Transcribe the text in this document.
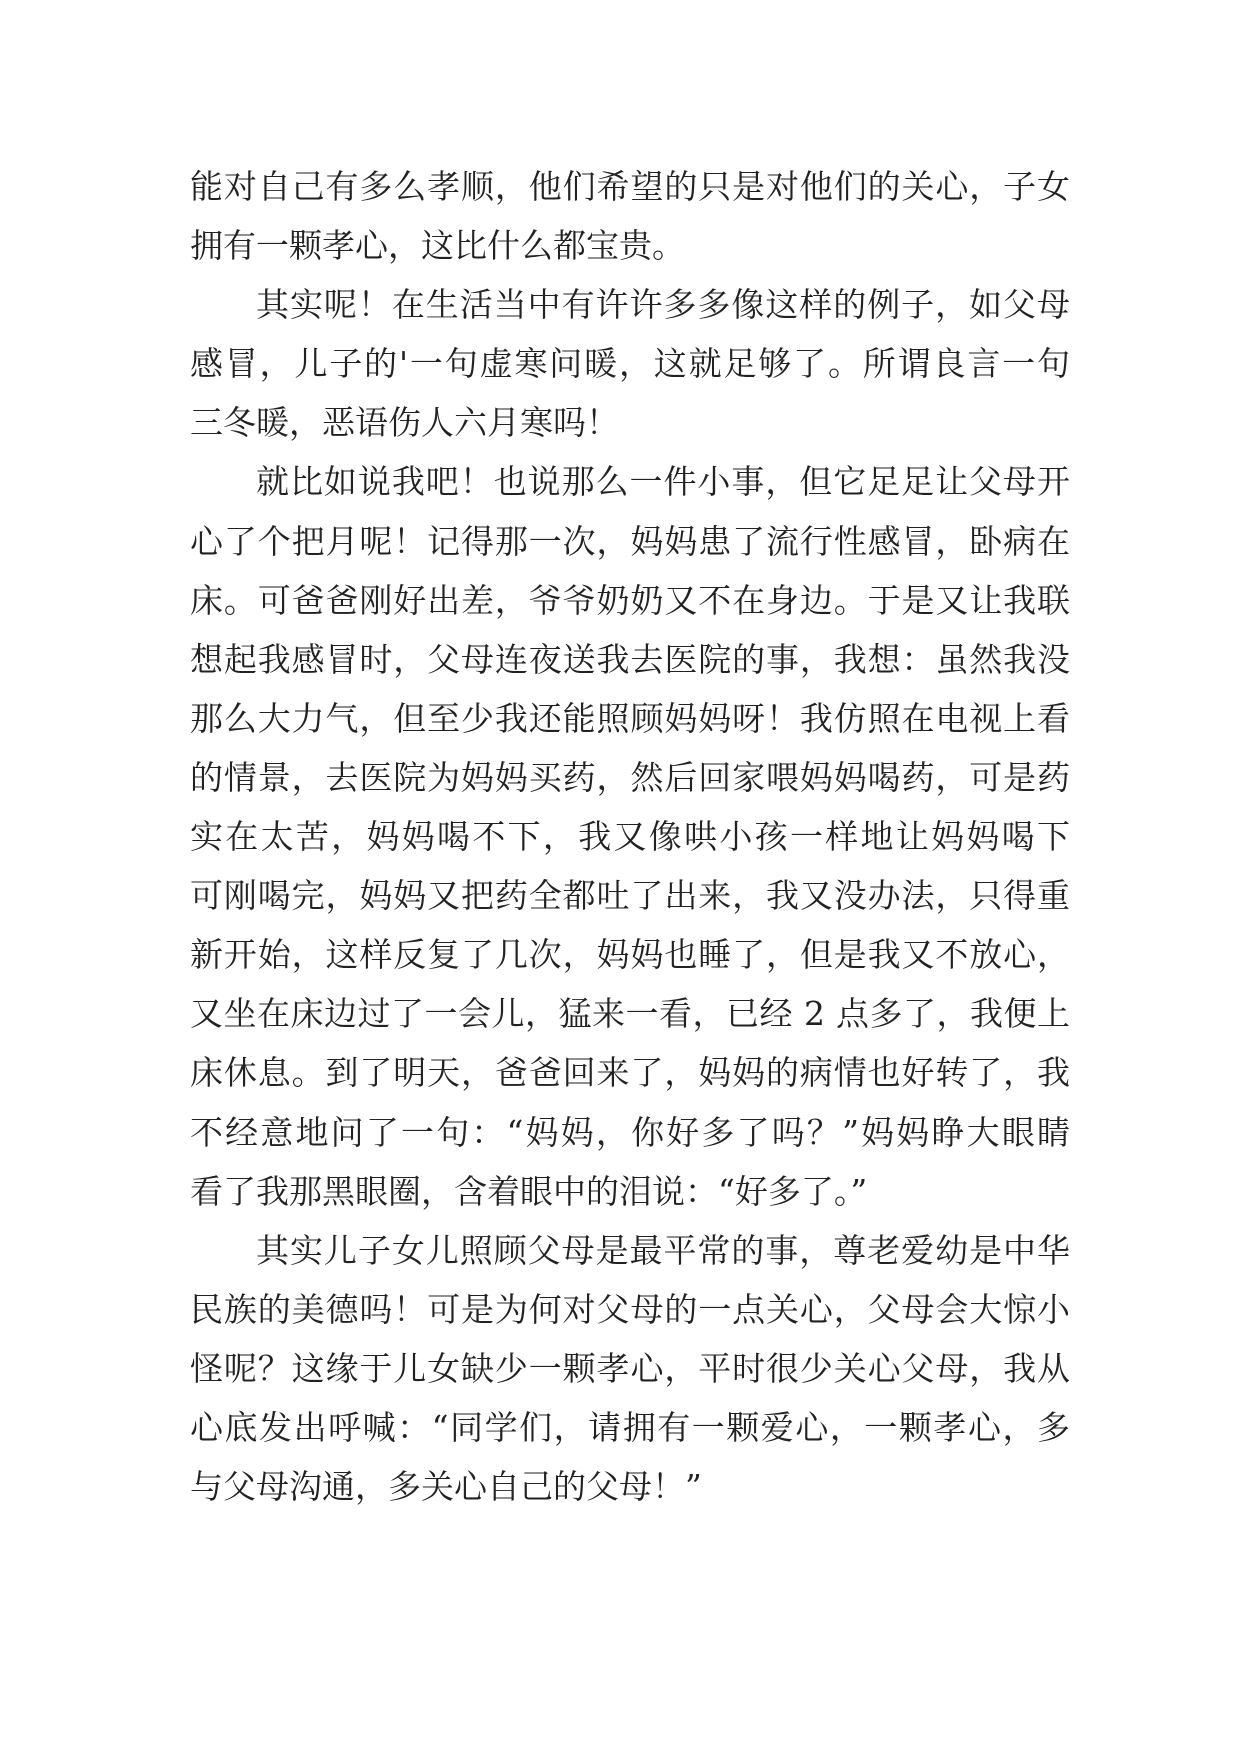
能对自己有多么孝顺，他们希望的只是对他们的关心，子女
拥有一颗孝心，这比什么都宝贵。
其实呢！在生活当中有许许多多像这样的例子，如父母
感冒，儿子的'一句虚寒问暖，这就足够了。所谓良言一句
三冬暖，恶语伤人六月寒吗！
就比如说我吧！也说那么一件小事，但它足足让父母开
心了个把月呢！记得那一次，妈妈患了流行性感冒，卧病在
床。可爸爸刚好出差，爷爷奶奶又不在身边。于是又让我联
想起我感冒时，父母连夜送我去医院的事，我想：虽然我没
那么大力气，但至少我还能照顾妈妈呀！我仿照在电视上看
的情景，去医院为妈妈买药，然后回家喂妈妈喝药，可是药
实在太苦，妈妈喝不下，我又像哄小孩一样地让妈妈喝下
可刚喝完，妈妈又把药全都吐了出来，我又没办法，只得重
新开始，这样反复了几次，妈妈也睡了，但是我又不放心，
又坐在床边过了一会儿，猛来一看，已经 2 点多了，我便上
床休息。到了明天，爸爸回来了，妈妈的病情也好转了，我
不经意地问了一句：“妈妈，你好多了吗？”妈妈睁大眼睛
看了我那黑眼圈，含着眼中的泪说：“好多了。”
其实儿子女儿照顾父母是最平常的事，尊老爱幼是中华
民族的美德吗！可是为何对父母的一点关心，父母会大惊小
怪呢？这缘于儿女缺少一颗孝心，平时很少关心父母，我从
心底发出呼喊：“同学们，请拥有一颗爱心，一颗孝心，多
与父母沟通，多关心自己的父母！”
